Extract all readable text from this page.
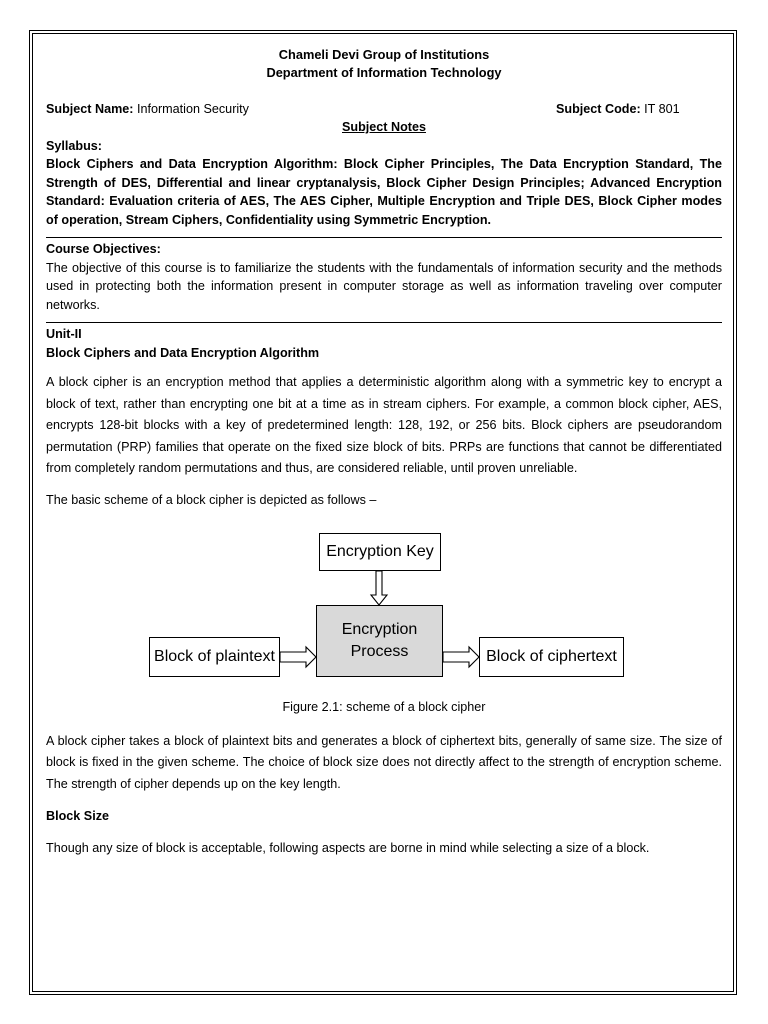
Chameli Devi Group of Institutions
Department of Information Technology
Subject Name: Information Security	Subject Code: IT 801
Subject Notes
Syllabus:
Block Ciphers and Data Encryption Algorithm: Block Cipher Principles, The Data Encryption Standard, The Strength of DES, Differential and linear cryptanalysis, Block Cipher Design Principles; Advanced Encryption Standard: Evaluation criteria of AES, The AES Cipher, Multiple Encryption and Triple DES, Block Cipher modes of operation, Stream Ciphers, Confidentiality using Symmetric Encryption.
Course Objectives:
The objective of this course is to familiarize the students with the fundamentals of information security and the methods used in protecting both the information present in computer storage as well as information traveling over computer networks.
Unit-II
Block Ciphers and Data Encryption Algorithm

A block cipher is an encryption method that applies a deterministic algorithm along with a symmetric key to encrypt a block of text, rather than encrypting one bit at a time as in stream ciphers. For example, a common block cipher, AES, encrypts 128-bit blocks with a key of predetermined length: 128, 192, or 256 bits. Block ciphers are pseudorandom permutation (PRP) families that operate on the fixed size block of bits. PRPs are functions that cannot be differentiated from completely random permutations and thus, are considered reliable, until proven unreliable.

The basic scheme of a block cipher is depicted as follows –

Encryption Key
Encryption
Process
Block of plaintext	Block of ciphertext
Figure 2.1: scheme of a block cipher

A block cipher takes a block of plaintext bits and generates a block of ciphertext bits, generally of same size. The size of block is fixed in the given scheme. The choice of block size does not directly affect to the strength of encryption scheme. The strength of cipher depends up on the key length.

Block Size

Though any size of block is acceptable, following aspects are borne in mind while selecting a size of a block.
